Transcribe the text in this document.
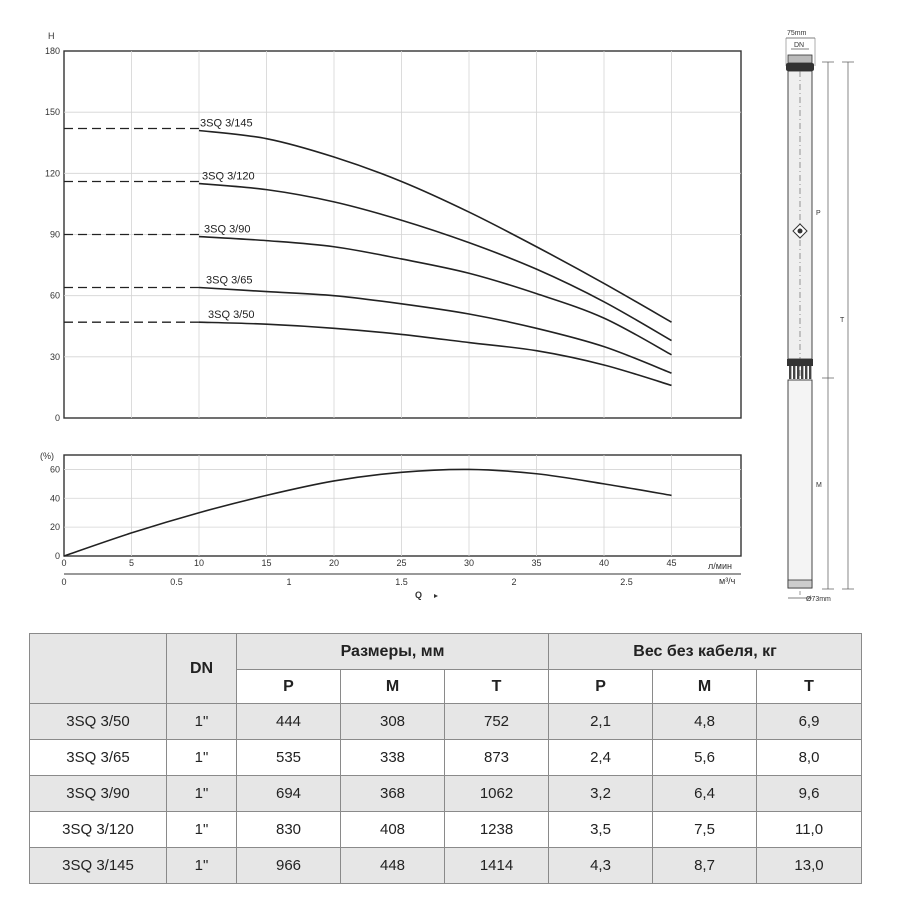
0
30
60
90
120
150
180
H
3SQ 3/145
3SQ 3/120
3SQ 3/90
3SQ 3/65
3SQ 3/50
0
20
40
60
(%)
0	5	10	15	20	25	30	35	40	45
0	0.5	1	1.5	2	2.5
л/мин
м³/ч
Q
75mm
DN
P
T
M
Ø73mm
	DN	Размеры, мм			Вес без кабеля, кг		
		P	M	T	P	M	T
3SQ 3/50	1"	444	308	752	2,1	4,8	6,9
3SQ 3/65	1"	535	338	873	2,4	5,6	8,0
3SQ 3/90	1"	694	368	1062	3,2	6,4	9,6
3SQ 3/120	1"	830	408	1238	3,5	7,5	11,0
3SQ 3/145	1"	966	448	1414	4,3	8,7	13,0
